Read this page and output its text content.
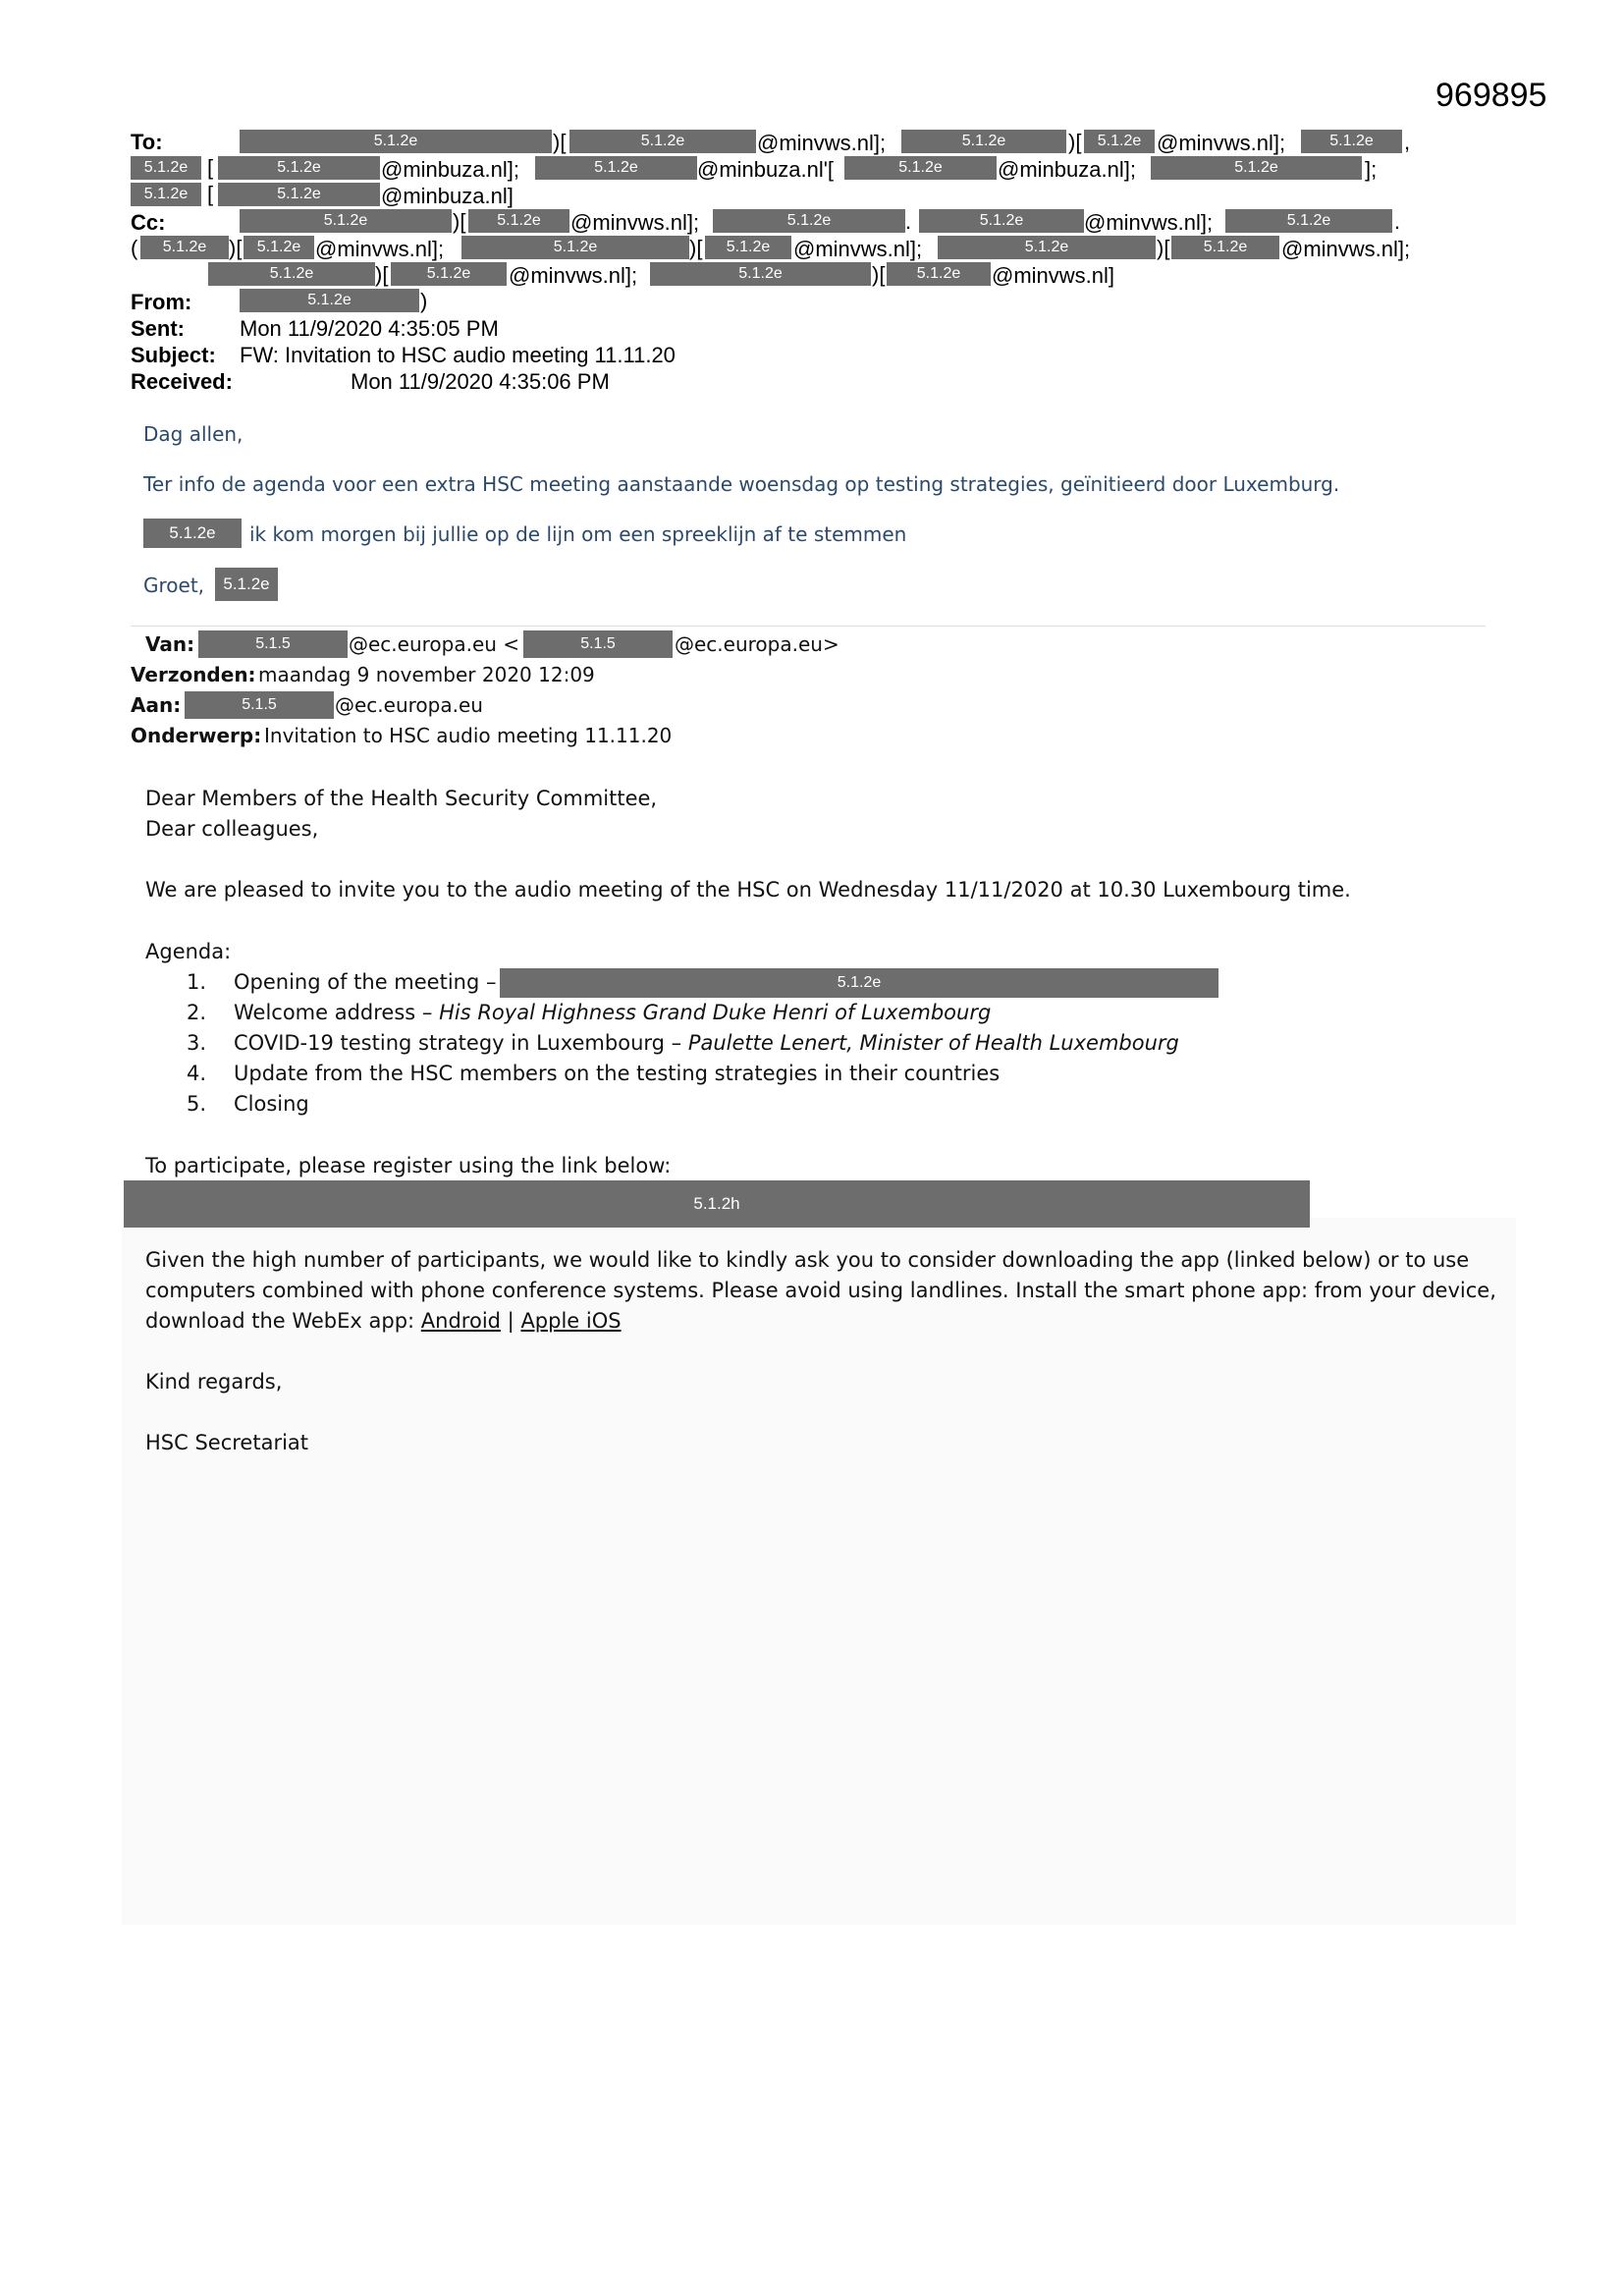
969895
To:	5.1.2e	)[	5.1.2e	@minvws.nl];	5.1.2e	)[	5.1.2e @minvws.nl];	5.1.2e	,
5.1.2e [	5.1.2e	@minbuza.nl];	5.1.2e	@minbuza.nl'[	5.1.2e	@minbuza.nl];	5.1.2e	];
5.1.2e [	5.1.2e	@minbuza.nl]
Cc:	5.1.2e	)[	5.1.2e	@minvws.nl];	5.1.2e	.	5.1.2e	@minvws.nl];	5.1.2e	.
(	5.1.2e	)[ 5.1.2e @minvws.nl];	5.1.2e	)[	5.1.2e	@minvws.nl];	5.1.2e	)[	5.1.2e	@minvws.nl];
5.1.2e	)[	5.1.2e	@minvws.nl];	5.1.2e	)[	5.1.2e	@minvws.nl]
From:	5.1.2e	)
Sent:	Mon 11/9/2020 4:35:05 PM
Subject: FW: Invitation to HSC audio meeting 11.11.20
Received:	Mon 11/9/2020 4:35:06 PM
Dag allen,
Ter info de agenda voor een extra HSC meeting aanstaande woensdag op testing strategies, geïnitieerd door Luxemburg.
5.1.2e	ik kom morgen bij jullie op de lijn om een spreeklijn af te stemmen
Groet,	5.1.2e
Van:	5.1.5	@ec.europa.eu <	5.1.5	@ec.europa.eu>
Verzonden: maandag 9 november 2020 12:09
Aan:	5.1.5	@ec.europa.eu
Onderwerp: Invitation to HSC audio meeting 11.11.20
Dear Members of the Health Security Committee,
Dear colleagues,
We are pleased to invite you to the audio meeting of the HSC on Wednesday 11/11/2020 at 10.30 Luxembourg time.
Agenda:
1. Opening of the meeting –	5.1.2e
2. Welcome address – His Royal Highness Grand Duke Henri of Luxembourg
3. COVID-19 testing strategy in Luxembourg – Paulette Lenert, Minister of Health Luxembourg
4. Update from the HSC members on the testing strategies in their countries
5. Closing
To participate, please register using the link below:
5.1.2h
Given the high number of participants, we would like to kindly ask you to consider downloading the app (linked below) or to use
computers combined with phone conference systems. Please avoid using landlines. Install the smart phone app: from your device,
download the WebEx app: Android | Apple iOS
Kind regards,
HSC Secretariat
